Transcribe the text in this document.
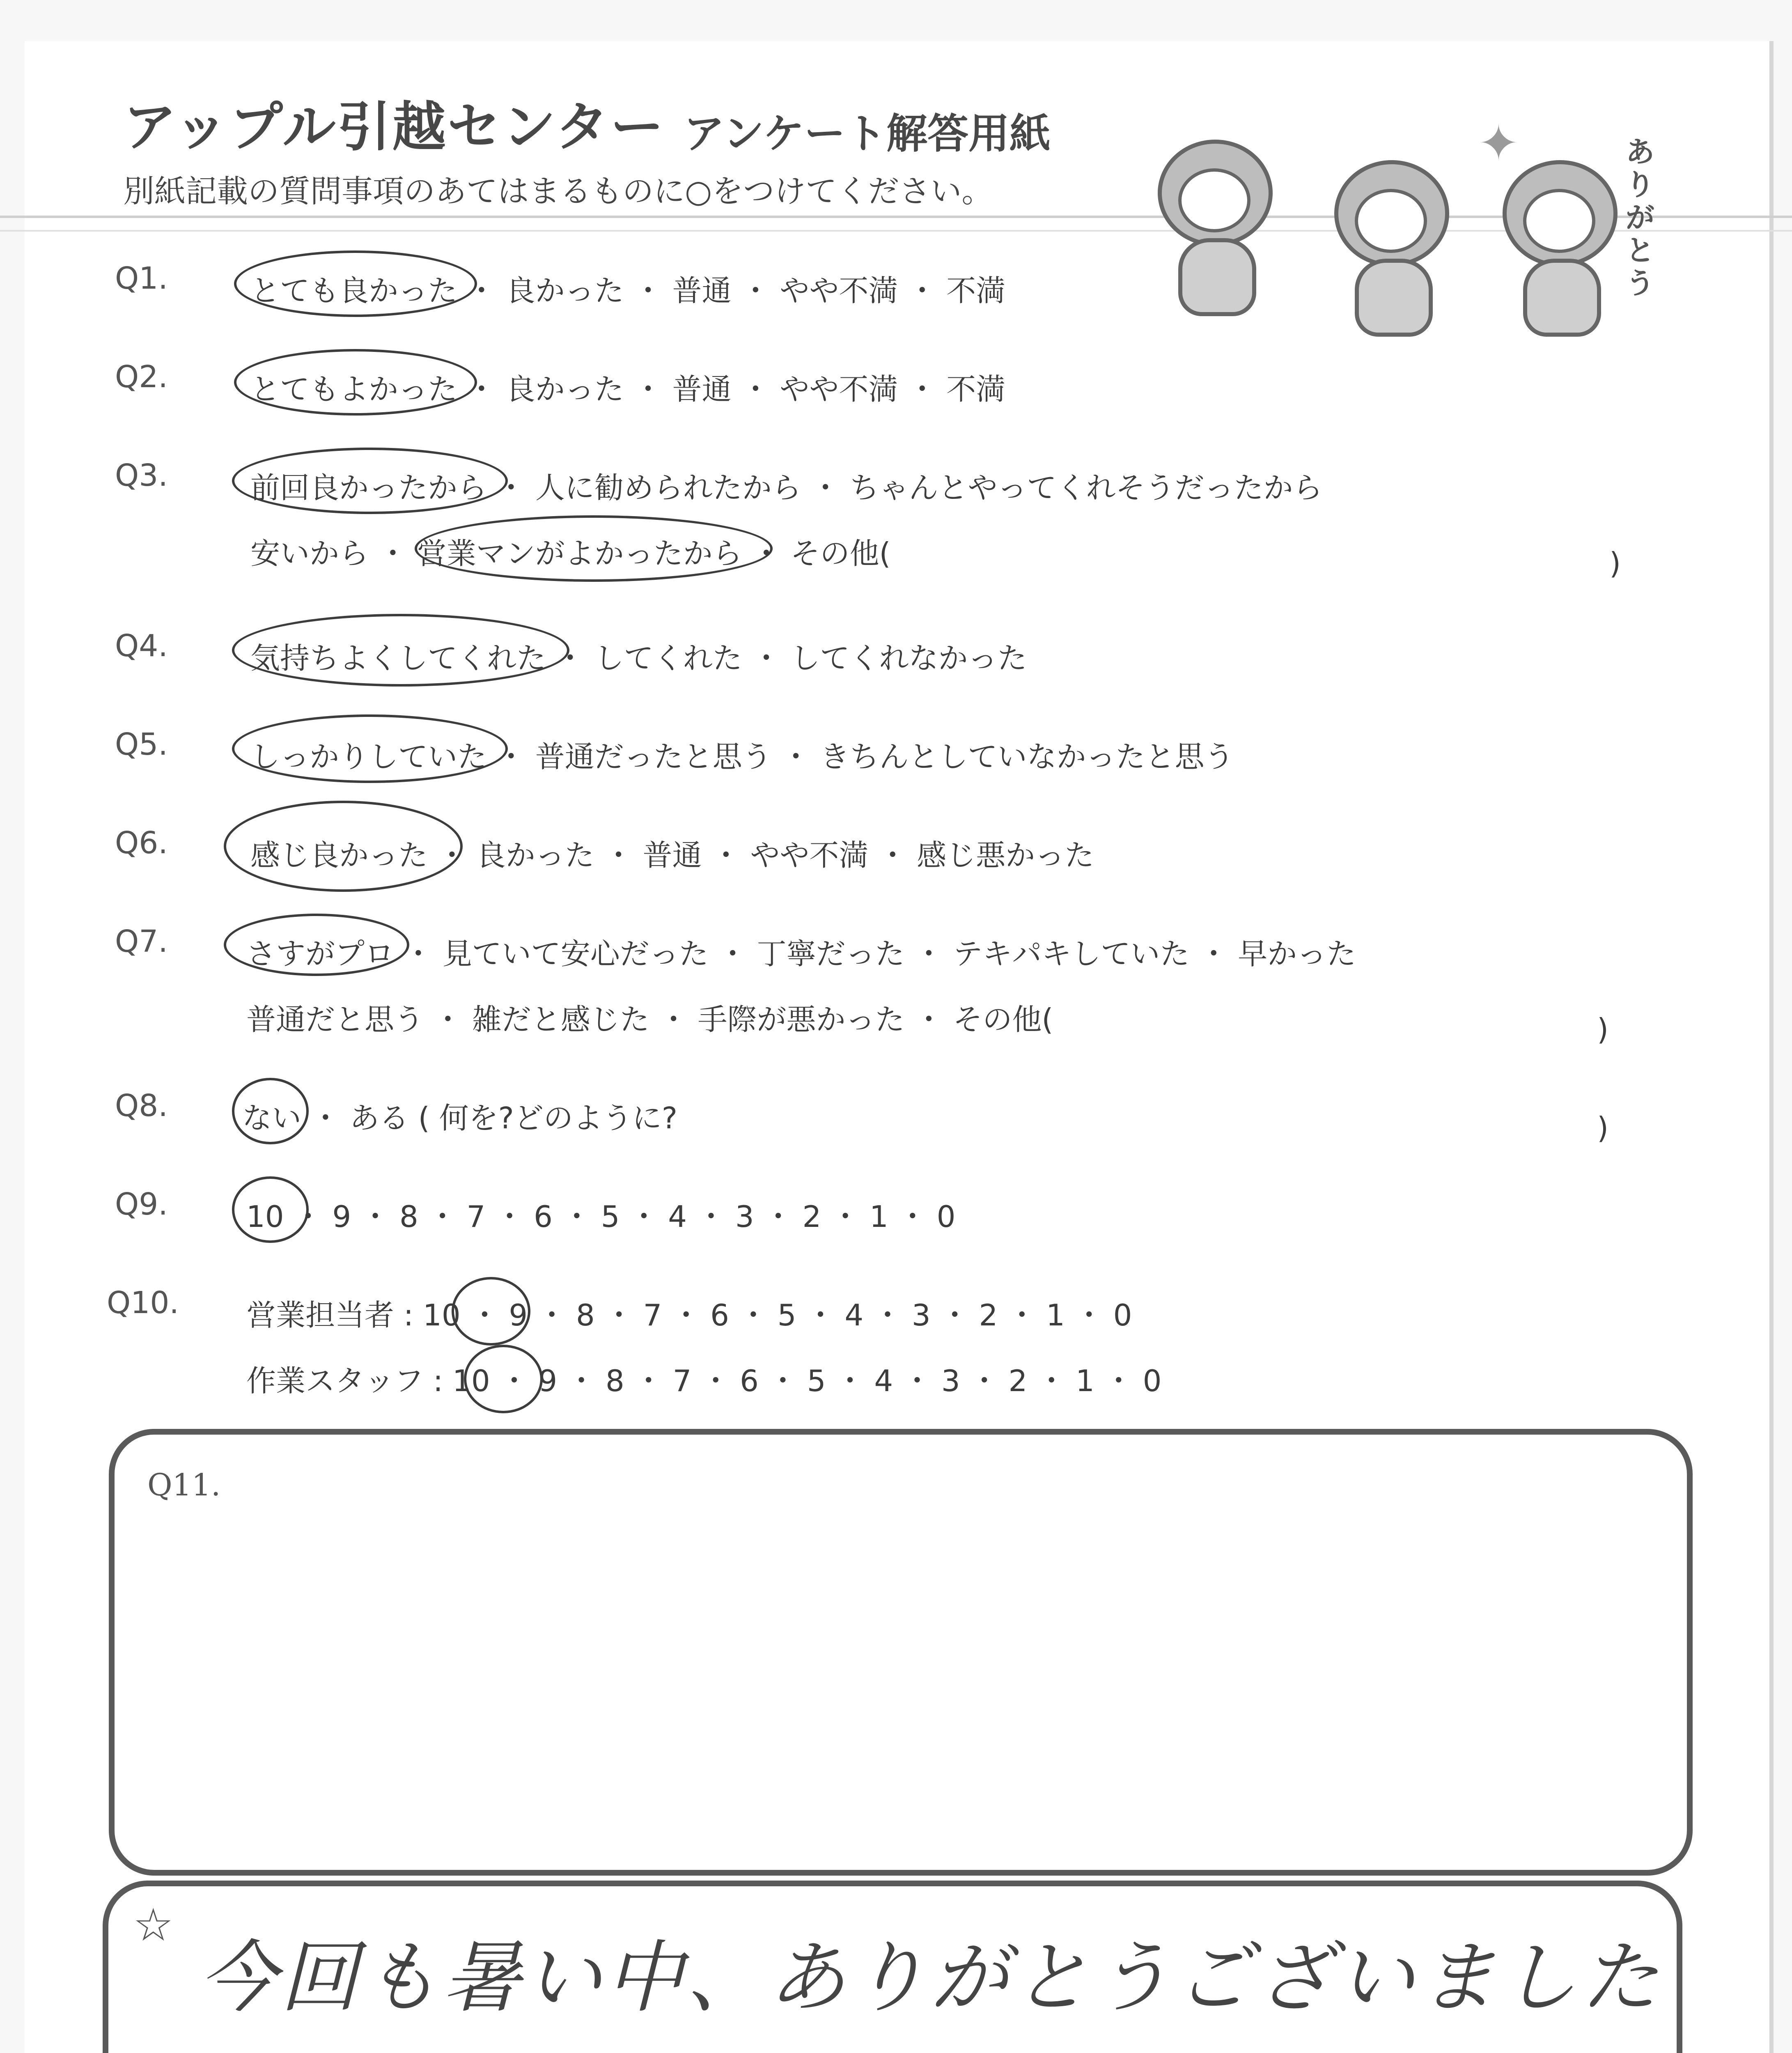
アップル引越センター アンケート解答用紙
別紙記載の質問事項のあてはまるものに○をつけてください。
✦	ありがとう
Q1.	とても良かった ・ 良かった ・ 普通 ・ やや不満 ・ 不満
Q2.	とてもよかった ・ 良かった ・ 普通 ・ やや不満 ・ 不満
Q3.	前回良かったから ・ 人に勧められたから ・ ちゃんとやってくれそうだったから
安いから ・ 営業マンがよかったから ・ その他(	)
Q4.	気持ちよくしてくれた ・ してくれた ・ してくれなかった
Q5.	しっかりしていた ・ 普通だったと思う ・ きちんとしていなかったと思う
Q6.	感じ良かった ・ 良かった ・ 普通 ・ やや不満 ・ 感じ悪かった
Q7.	さすがプロ ・ 見ていて安心だった ・ 丁寧だった ・ テキパキしていた ・ 早かった
普通だと思う ・ 雑だと感じた ・ 手際が悪かった ・ その他(	)
Q8.	ない ・ ある ( 何を?どのように?	)
Q9.	10 ・ 9 ・ 8 ・ 7 ・ 6 ・ 5 ・ 4 ・ 3 ・ 2 ・ 1 ・ 0
Q10. 営業担当者 : 10 ・ 9 ・ 8 ・ 7 ・ 6 ・ 5 ・ 4 ・ 3 ・ 2 ・ 1 ・ 0
作業スタッフ : 10 ・ 9 ・ 8 ・ 7 ・ 6 ・ 5 ・ 4 ・ 3 ・ 2 ・ 1 ・ 0
Q11.
☆
今回も暑い中、ありがとうございました
